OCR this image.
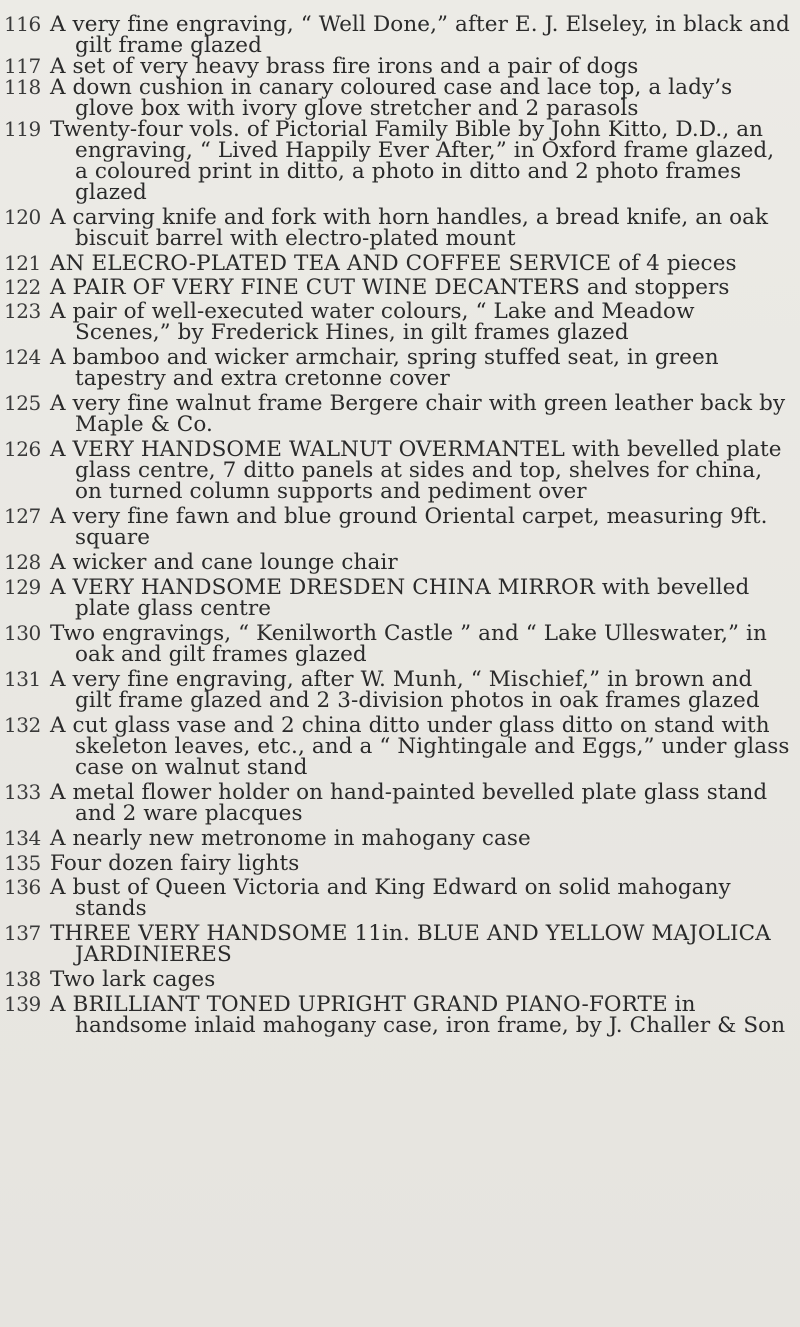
116 A very fine engraving, “ Well Done,” after E. J. Elseley, in black and gilt frame glazed
117 A set of very heavy brass fire irons and a pair of dogs
118 A down cushion in canary coloured case and lace top, a lady’s glove box with ivory glove stretcher and 2 parasols
119 Twenty-four vols. of Pictorial Family Bible by John Kitto, D.D., an engraving, “ Lived Happily Ever After,” in Oxford frame glazed, a coloured print in ditto, a photo in ditto and 2 photo frames glazed
120 A carving knife and fork with horn handles, a bread knife, an oak biscuit barrel with electro-plated mount
121 AN ELECRO-PLATED TEA AND COFFEE SERVICE of 4 pieces
122 A PAIR OF VERY FINE CUT WINE DECANTERS and stoppers
123 A pair of well-executed water colours, “ Lake and Meadow Scenes,” by Frederick Hines, in gilt frames glazed
124 A bamboo and wicker armchair, spring stuffed seat, in green tapestry and extra cretonne cover
125 A very fine walnut frame Bergere chair with green leather back by Maple & Co.
126 A VERY HANDSOME WALNUT OVERMANTEL with bevelled plate glass centre, 7 ditto panels at sides and top, shelves for china, on turned column supports and pediment over
127 A very fine fawn and blue ground Oriental carpet, measuring 9ft. square
128 A wicker and cane lounge chair
129 A VERY HANDSOME DRESDEN CHINA MIRROR with bevelled plate glass centre
130 Two engravings, “ Kenilworth Castle ” and “ Lake Ulleswater,” in oak and gilt frames glazed
131 A very fine engraving, after W. Munh, “ Mischief,” in brown and gilt frame glazed and 2 3-division photos in oak frames glazed
132 A cut glass vase and 2 china ditto under glass ditto on stand with skeleton leaves, etc., and a “ Nightingale and Eggs,” under glass case on walnut stand
133 A metal flower holder on hand-painted bevelled plate glass stand and 2 ware placques
134 A nearly new metronome in mahogany case
135 Four dozen fairy lights
136 A bust of Queen Victoria and King Edward on solid mahogany stands
137 THREE VERY HANDSOME 11in. BLUE AND YELLOW MAJOLICA JARDINIERES
138 Two lark cages
139 A BRILLIANT TONED UPRIGHT GRAND PIANO-FORTE in handsome inlaid mahogany case, iron frame, by J. Challer & Son
